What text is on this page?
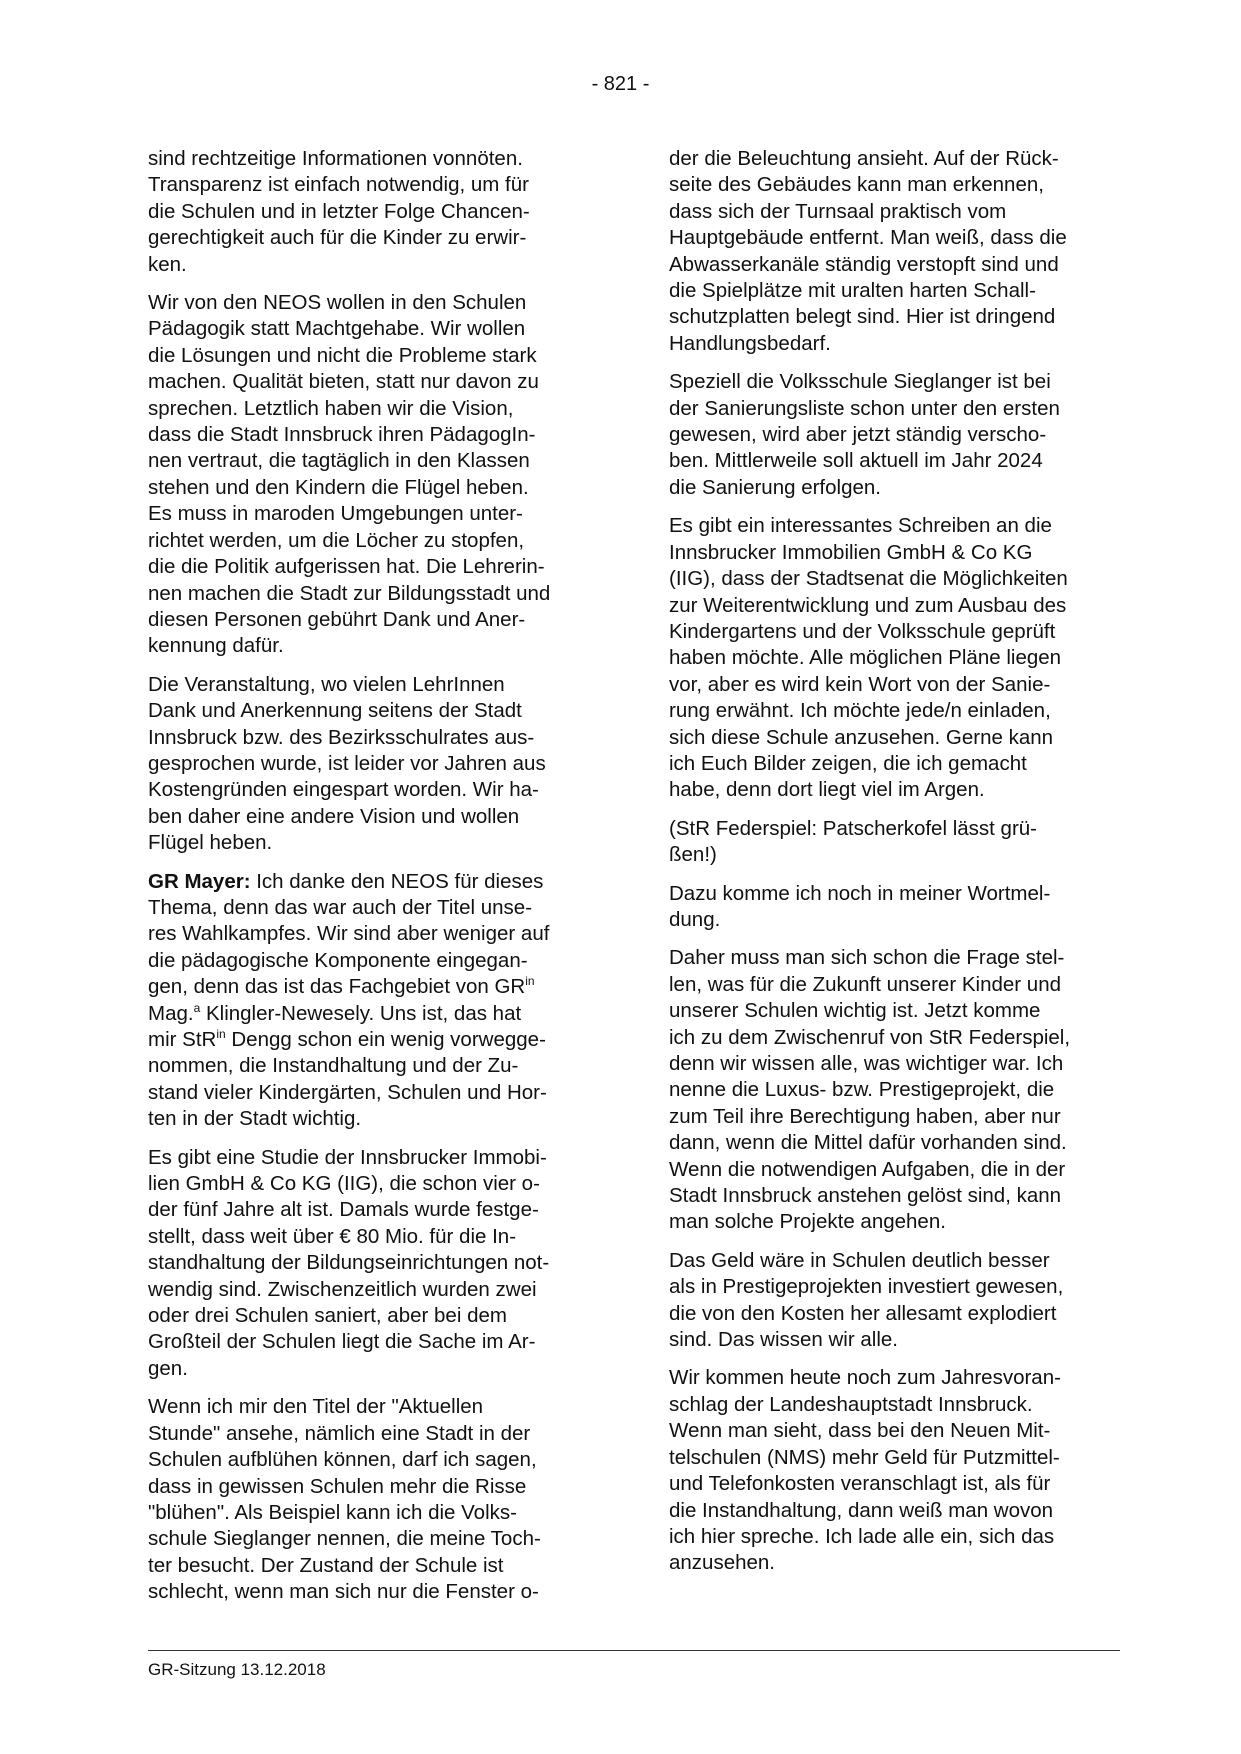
- 821 -
sind rechtzeitige Informationen vonnöten.
Transparenz ist einfach notwendig, um für
die Schulen und in letzter Folge Chancen-
gerechtigkeit auch für die Kinder zu erwir-
ken.
Wir von den NEOS wollen in den Schulen
Pädagogik statt Machtgehabe. Wir wollen
die Lösungen und nicht die Probleme stark
machen. Qualität bieten, statt nur davon zu
sprechen. Letztlich haben wir die Vision,
dass die Stadt Innsbruck ihren PädagogIn-
nen vertraut, die tagtäglich in den Klassen
stehen und den Kindern die Flügel heben.
Es muss in maroden Umgebungen unter-
richtet werden, um die Löcher zu stopfen,
die die Politik aufgerissen hat. Die Lehrerin-
nen machen die Stadt zur Bildungsstadt und
diesen Personen gebührt Dank und Aner-
kennung dafür.
Die Veranstaltung, wo vielen LehrInnen
Dank und Anerkennung seitens der Stadt
Innsbruck bzw. des Bezirksschulrates aus-
gesprochen wurde, ist leider vor Jahren aus
Kostengründen eingespart worden. Wir ha-
ben daher eine andere Vision und wollen
Flügel heben.
GR Mayer: Ich danke den NEOS für dieses
Thema, denn das war auch der Titel unse-
res Wahlkampfes. Wir sind aber weniger auf
die pädagogische Komponente eingegan-
gen, denn das ist das Fachgebiet von $GR^{in}$
Mag.$^a$ Klingler-Newesely. Uns ist, das hat
mir StR$^{in}$ Dengg schon ein wenig vorwegge-
nommen, die Instandhaltung und der Zu-
stand vieler Kindergärten, Schulen und Hor-
ten in der Stadt wichtig.
Es gibt eine Studie der Innsbrucker Immobi-
lien GmbH & Co KG (IIG), die schon vier o-
der fünf Jahre alt ist. Damals wurde festge-
stellt, dass weit über € 80 Mio. für die In-
standhaltung der Bildungseinrichtungen not-
wendig sind. Zwischenzeitlich wurden zwei
oder drei Schulen saniert, aber bei dem
Großteil der Schulen liegt die Sache im Ar-
gen.
Wenn ich mir den Titel der "Aktuellen
Stunde" ansehe, nämlich eine Stadt in der
Schulen aufblühen können, darf ich sagen,
dass in gewissen Schulen mehr die Risse
"blühen". Als Beispiel kann ich die Volks-
schule Sieglanger nennen, die meine Toch-
ter besucht. Der Zustand der Schule ist
schlecht, wenn man sich nur die Fenster o-
der die Beleuchtung ansieht. Auf der Rück-
seite des Gebäudes kann man erkennen,
dass sich der Turnsaal praktisch vom
Hauptgebäude entfernt. Man weiß, dass die
Abwasserkanäle ständig verstopft sind und
die Spielplätze mit uralten harten Schall-
schutzplatten belegt sind. Hier ist dringend
Handlungsbedarf.
Speziell die Volksschule Sieglanger ist bei
der Sanierungsliste schon unter den ersten
gewesen, wird aber jetzt ständig verscho-
ben. Mittlerweile soll aktuell im Jahr 2024
die Sanierung erfolgen.
Es gibt ein interessantes Schreiben an die
Innsbrucker Immobilien GmbH & Co KG
(IIG), dass der Stadtsenat die Möglichkeiten
zur Weiterentwicklung und zum Ausbau des
Kindergartens und der Volksschule geprüft
haben möchte. Alle möglichen Pläne liegen
vor, aber es wird kein Wort von der Sanie-
rung erwähnt. Ich möchte jede/n einladen,
sich diese Schule anzusehen. Gerne kann
ich Euch Bilder zeigen, die ich gemacht
habe, denn dort liegt viel im Argen.
(StR Federspiel: Patscherkofel lässt grü-
ßen!)
Dazu komme ich noch in meiner Wortmel-
dung.
Daher muss man sich schon die Frage stel-
len, was für die Zukunft unserer Kinder und
unserer Schulen wichtig ist. Jetzt komme
ich zu dem Zwischenruf von StR Federspiel,
denn wir wissen alle, was wichtiger war. Ich
nenne die Luxus- bzw. Prestigeprojekt, die
zum Teil ihre Berechtigung haben, aber nur
dann, wenn die Mittel dafür vorhanden sind.
Wenn die notwendigen Aufgaben, die in der
Stadt Innsbruck anstehen gelöst sind, kann
man solche Projekte angehen.
Das Geld wäre in Schulen deutlich besser
als in Prestigeprojekten investiert gewesen,
die von den Kosten her allesamt explodiert
sind. Das wissen wir alle.
Wir kommen heute noch zum Jahresvoran-
schlag der Landeshauptstadt Innsbruck.
Wenn man sieht, dass bei den Neuen Mit-
telschulen (NMS) mehr Geld für Putzmittel-
und Telefonkosten veranschlagt ist, als für
die Instandhaltung, dann weiß man wovon
ich hier spreche. Ich lade alle ein, sich das
anzusehen.
GR-Sitzung 13.12.2018
